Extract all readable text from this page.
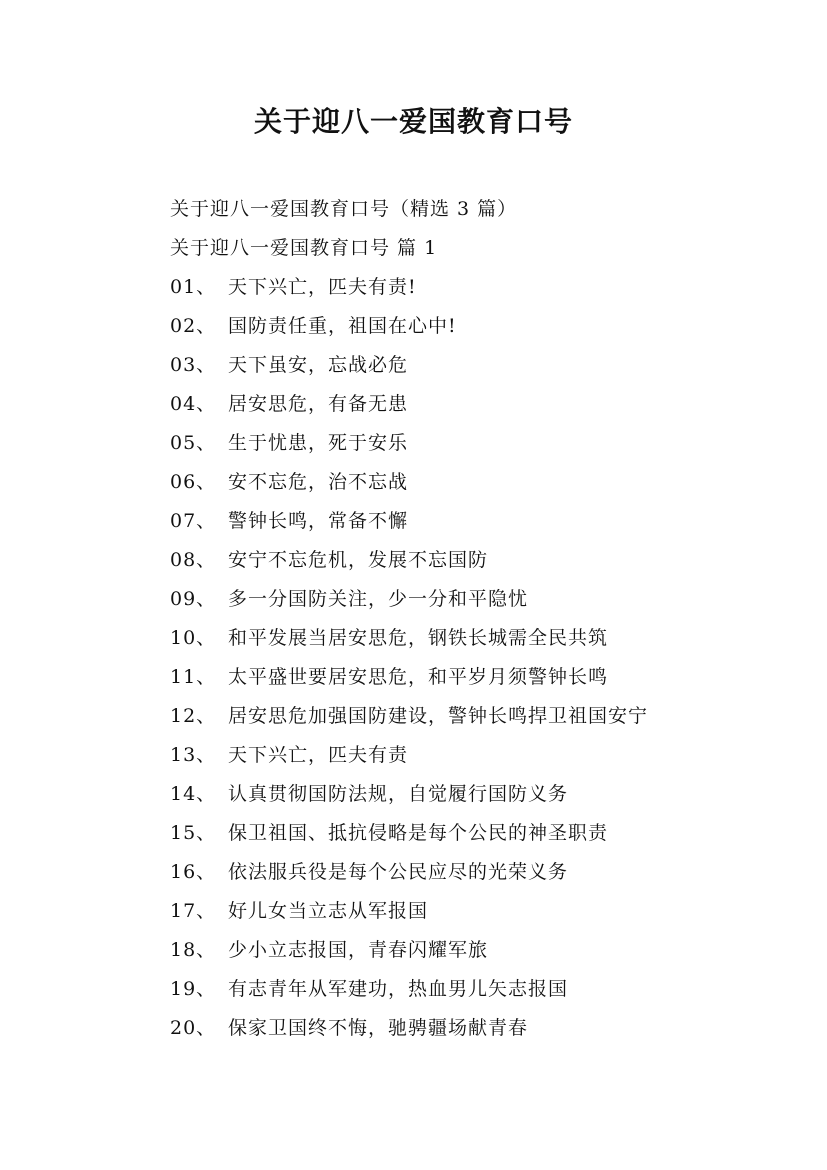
关于迎八一爱国教育口号
关于迎八一爱国教育口号（精选 3 篇）
关于迎八一爱国教育口号 篇 1
01、 天下兴亡，匹夫有责!
02、 国防责任重，祖国在心中!
03、 天下虽安，忘战必危
04、 居安思危，有备无患
05、 生于忧患，死于安乐
06、 安不忘危，治不忘战
07、 警钟长鸣，常备不懈
08、 安宁不忘危机，发展不忘国防
09、 多一分国防关注，少一分和平隐忧
10、 和平发展当居安思危，钢铁长城需全民共筑
11、 太平盛世要居安思危，和平岁月须警钟长鸣
12、 居安思危加强国防建设，警钟长鸣捍卫祖国安宁
13、 天下兴亡，匹夫有责
14、 认真贯彻国防法规，自觉履行国防义务
15、 保卫祖国、抵抗侵略是每个公民的神圣职责
16、 依法服兵役是每个公民应尽的光荣义务
17、 好儿女当立志从军报国
18、 少小立志报国，青春闪耀军旅
19、 有志青年从军建功，热血男儿矢志报国
20、 保家卫国终不悔，驰骋疆场献青春
